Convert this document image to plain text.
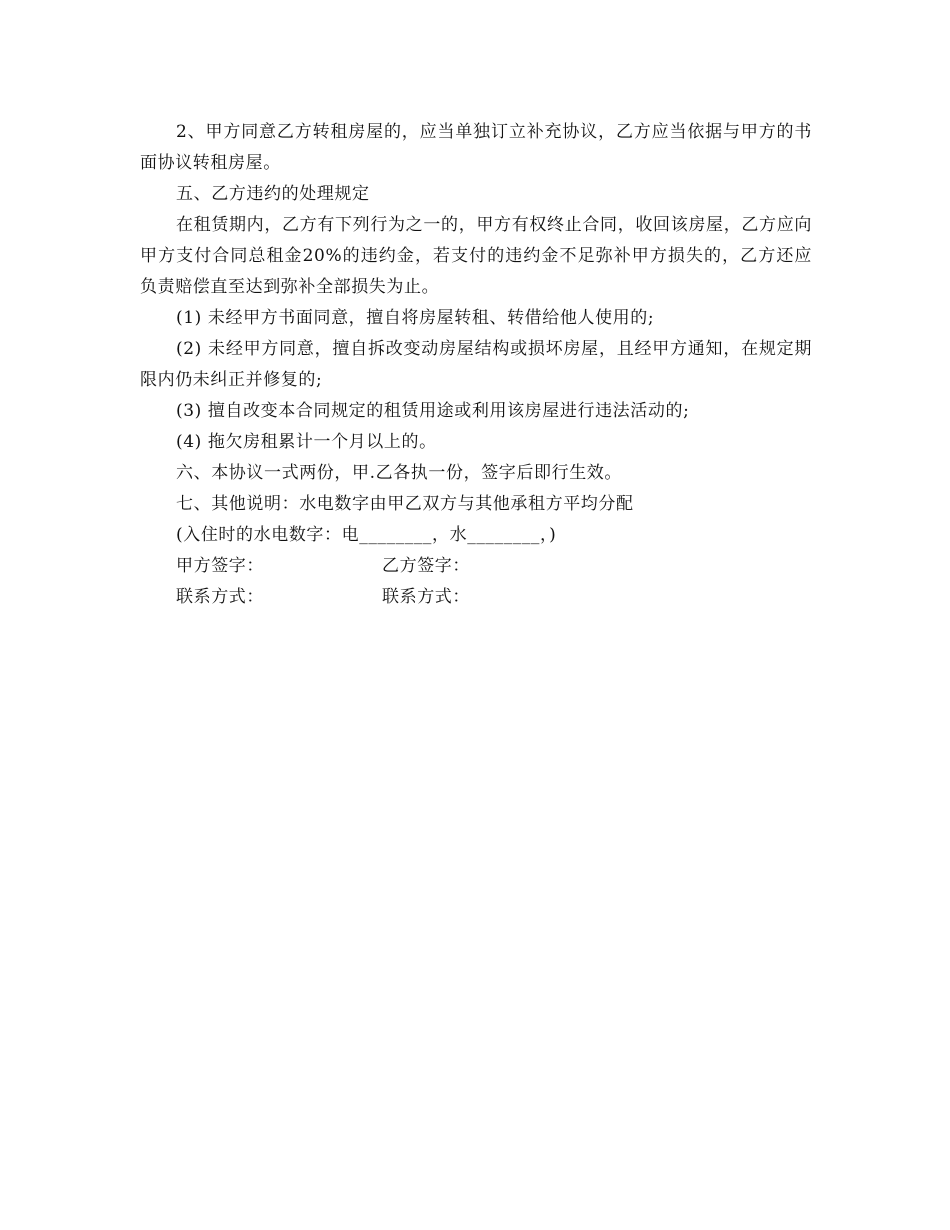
2、甲方同意乙方转租房屋的，应当单独订立补充协议，乙方应当依据与甲方的书面协议转租房屋。

五、乙方违约的处理规定

在租赁期内，乙方有下列行为之一的，甲方有权终止合同，收回该房屋，乙方应向甲方支付合同总租金20%的违约金，若支付的违约金不足弥补甲方损失的，乙方还应负责赔偿直至达到弥补全部损失为止。

(1) 未经甲方书面同意，擅自将房屋转租、转借给他人使用的;

(2) 未经甲方同意，擅自拆改变动房屋结构或损坏房屋，且经甲方通知，在规定期限内仍未纠正并修复的;

(3) 擅自改变本合同规定的租赁用途或利用该房屋进行违法活动的;

(4) 拖欠房租累计一个月以上的。

六、本协议一式两份，甲.乙各执一份，签字后即行生效。

七、其他说明：水电数字由甲乙双方与其他承租方平均分配

(入住时的水电数字：电________，水________，)

甲方签字：	乙方签字：
联系方式：	联系方式：
